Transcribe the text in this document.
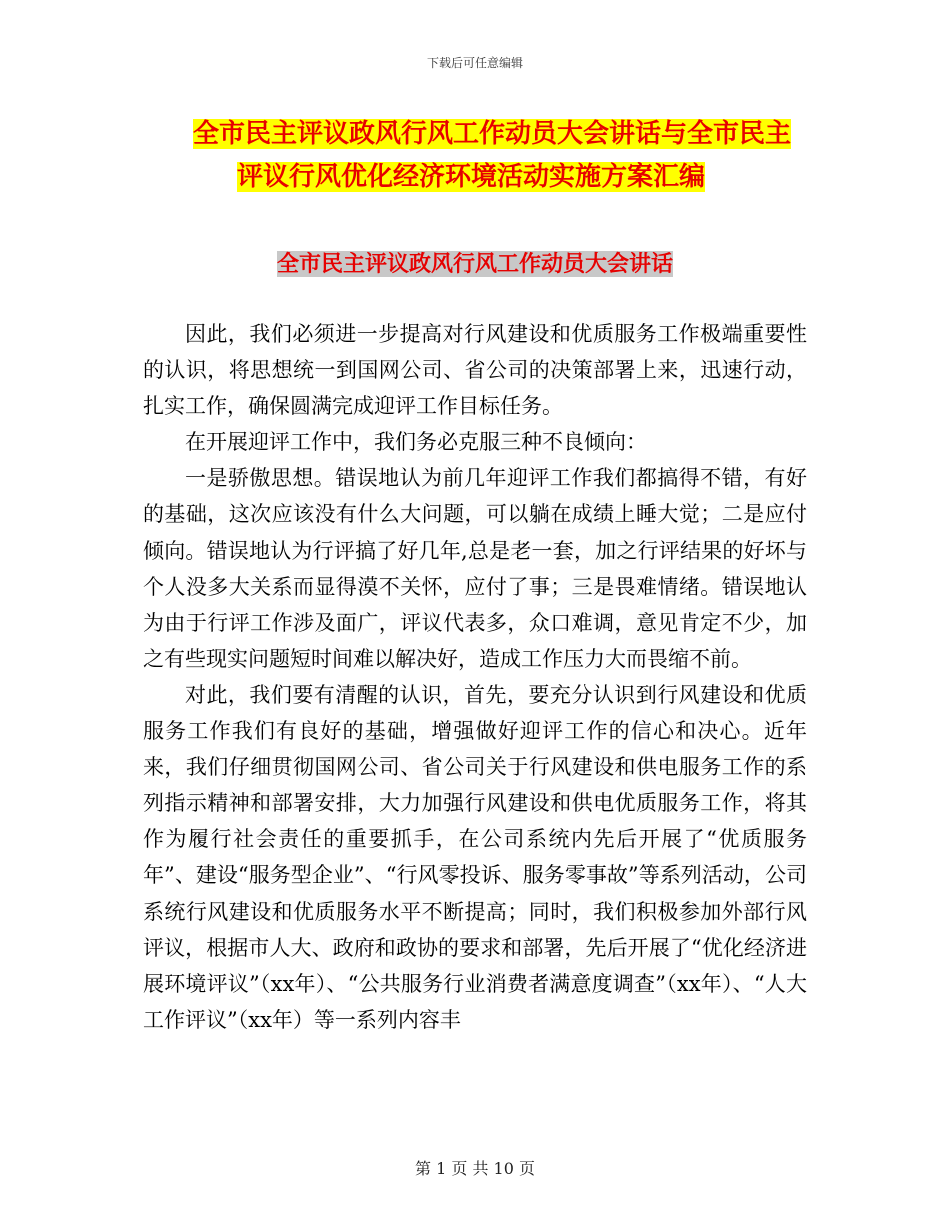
下载后可任意编辑
全市民主评议政风行风工作动员大会讲话与全市民主
评议行风优化经济环境活动实施方案汇编
全市民主评议政风行风工作动员大会讲话

因此，我们必须进一步提高对行风建设和优质服务工作极端重要性的认识，将思想统一到国网公司、省公司的决策部署上来，迅速行动，扎实工作，确保圆满完成迎评工作目标任务。

在开展迎评工作中，我们务必克服三种不良倾向：

一是骄傲思想。错误地认为前几年迎评工作我们都搞得不错，有好的基础，这次应该没有什么大问题，可以躺在成绩上睡大觉；二是应付倾向。错误地认为行评搞了好几年,总是老一套，加之行评结果的好坏与个人没多大关系而显得漠不关怀，应付了事；三是畏难情绪。错误地认为由于行评工作涉及面广，评议代表多，众口难调，意见肯定不少，加之有些现实问题短时间难以解决好，造成工作压力大而畏缩不前。

对此，我们要有清醒的认识，首先，要充分认识到行风建设和优质服务工作我们有良好的基础，增强做好迎评工作的信心和决心。近年来，我们仔细贯彻国网公司、省公司关于行风建设和供电服务工作的系列指示精神和部署安排，大力加强行风建设和供电优质服务工作，将其作为履行社会责任的重要抓手，在公司系统内先后开展了“优质服务年”、建设“服务型企业”、“行风零投诉、服务零事故”等系列活动，公司系统行风建设和优质服务水平不断提高；同时，我们积极参加外部行风评议，根据市人大、政府和政协的要求和部署，先后开展了“优化经济进展环境评议”（xx年）、“公共服务行业消费者满意度调查”（xx年）、“人大工作评议”（xx年）等一系列内容丰

第 1 页 共 10 页
